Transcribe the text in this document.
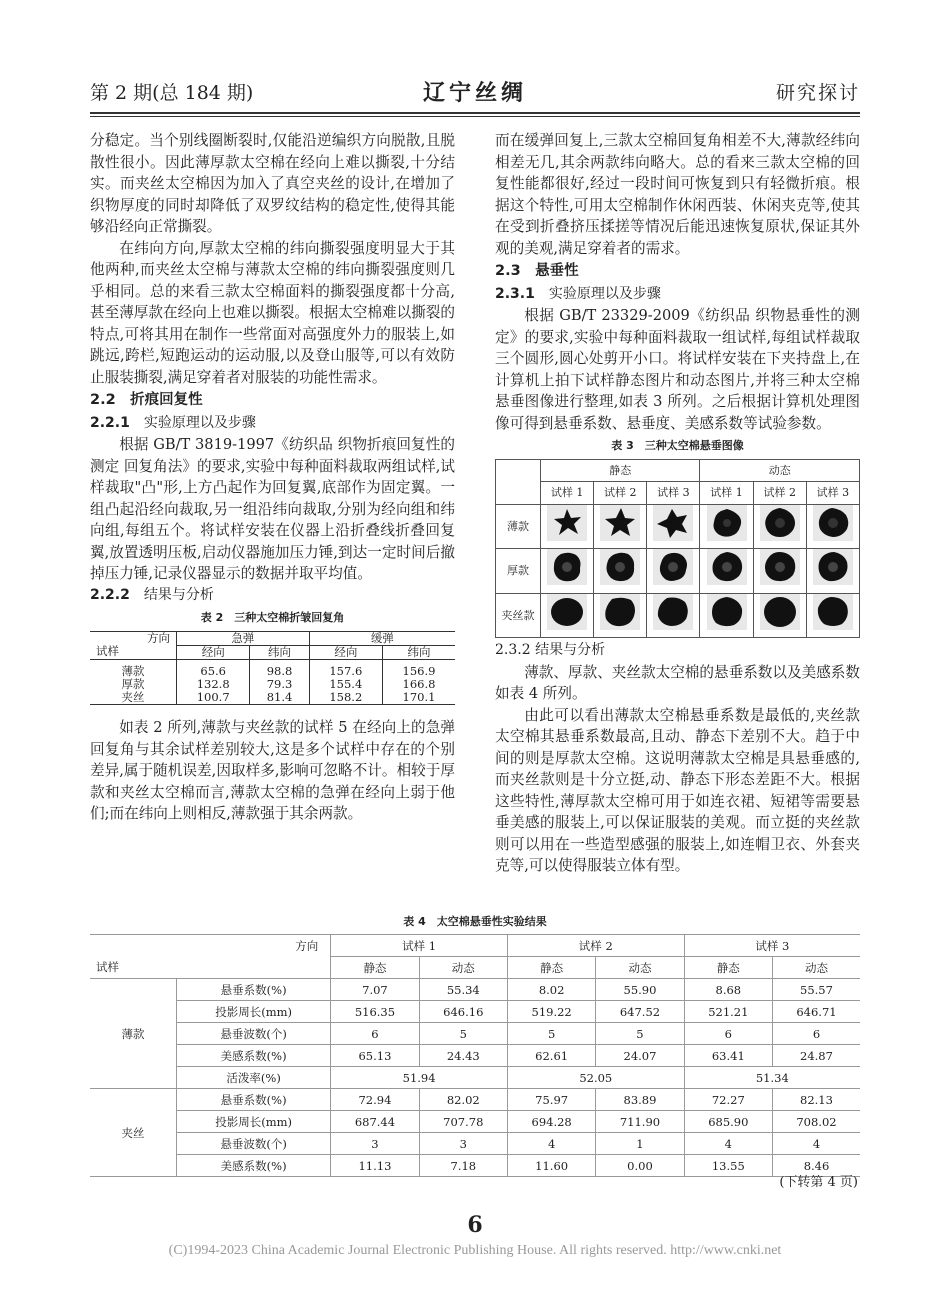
第 2 期(总 184 期)	辽宁丝绸	研究探讨

分稳定。当个别线圈断裂时,仅能沿逆编织方向脱散,且脱散性很小。因此薄厚款太空棉在经向上难以撕裂,十分结实。而夹丝太空棉因为加入了真空夹丝的设计,在增加了织物厚度的同时却降低了双罗纹结构的稳定性,使得其能够沿经向正常撕裂。

在纬向方向,厚款太空棉的纬向撕裂强度明显大于其他两种,而夹丝太空棉与薄款太空棉的纬向撕裂强度则几乎相同。总的来看三款太空棉面料的撕裂强度都十分高,甚至薄厚款在经向上也难以撕裂。根据太空棉难以撕裂的特点,可将其用在制作一些常面对高强度外力的服装上,如跳远,跨栏,短跑运动的运动服,以及登山服等,可以有效防止服装撕裂,满足穿着者对服装的功能性需求。

2.2　折痕回复性
2.2.1 实验原理以及步骤

根据 GB/T 3819-1997《纺织品 织物折痕回复性的测定 回复角法》的要求,实验中每种面料裁取两组试样,试样裁取"凸"形,上方凸起作为回复翼,底部作为固定翼。一组凸起沿经向裁取,另一组沿纬向裁取,分别为经向组和纬向组,每组五个。将试样安装在仪器上沿折叠线折叠回复翼,放置透明压板,启动仪器施加压力锤,到达一定时间后撤掉压力锤,记录仪器显示的数据并取平均值。

2.2.2 结果与分析
表 2　三种太空棉折皱回复角
方向	急弹		缓弹	
试样	经向	纬向	经向	纬向

薄款	65.6	98.8	157.6	156.9
厚款	132.8	79.3	155.4	166.8
夹丝	100.7	81.4	158.2	170.1

如表 2 所列,薄款与夹丝款的试样 5 在经向上的急弹回复角与其余试样差别较大,这是多个试样中存在的个别差异,属于随机误差,因取样多,影响可忽略不计。相较于厚款和夹丝太空棉而言,薄款太空棉的急弹在经向上弱于他们;而在纬向上则相反,薄款强于其余两款。

而在缓弹回复上,三款太空棉回复角相差不大,薄款经纬向相差无几,其余两款纬向略大。总的看来三款太空棉的回复性能都很好,经过一段时间可恢复到只有轻微折痕。根据这个特性,可用太空棉制作休闲西装、休闲夹克等,使其在受到折叠挤压揉搓等情况后能迅速恢复原状,保证其外观的美观,满足穿着者的需求。

2.3　悬垂性
2.3.1 实验原理以及步骤

根据 GB/T 23329-2009《纺织品 织物悬垂性的测定》的要求,实验中每种面料裁取一组试样,每组试样裁取三个圆形,圆心处剪开小口。将试样安装在下夹持盘上,在计算机上拍下试样静态图片和动态图片,并将三种太空棉悬垂图像进行整理,如表 3 所列。之后根据计算机处理图像可得到悬垂系数、悬垂度、美感系数等试验参数。

表 3　三种太空棉悬垂图像
	静态			动态		
	试样 1	试样 2	试样 3	试样 1	试样 2	试样 3
薄款						
厚款						
夹丝款						
2.3.2 结果与分析

薄款、厚款、夹丝款太空棉的悬垂系数以及美感系数如表 4 所列。

由此可以看出薄款太空棉悬垂系数是最低的,夹丝款太空棉其悬垂系数最高,且动、静态下差别不大。趋于中间的则是厚款太空棉。这说明薄款太空棉是具悬垂感的,而夹丝款则是十分立挺,动、静态下形态差距不大。根据这些特性,薄厚款太空棉可用于如连衣裙、短裙等需要悬垂美感的服装上,可以保证服装的美观。而立挺的夹丝款则可以用在一些造型感强的服装上,如连帽卫衣、外套夹克等,可以使得服装立体有型。

表 4　太空棉悬垂性实验结果
方向
试样		试样 1		试样 2		试样 3	
		静态	动态	静态	动态	静态	动态
薄款	悬垂系数(%)	7.07	55.34	8.02	55.90	8.68	55.57
	投影周长(mm)	516.35	646.16	519.22	647.52	521.21	646.71
	悬垂波数(个)	6	5	5	5	6	6
	美感系数(%)	65.13	24.43	62.61	24.07	63.41	24.87
	活泼率(%)	51.94		52.05		51.34	
夹丝	悬垂系数(%)	72.94	82.02	75.97	83.89	72.27	82.13
	投影周长(mm)	687.44	707.78	694.28	711.90	685.90	708.02
	悬垂波数(个)	3	3	4	1	4	4
	美感系数(%)	11.13	7.18	11.60	0.00	13.55	8.46
(下转第 4 页)
6
(C)1994-2023 China Academic Journal Electronic Publishing House. All rights reserved. http://www.cnki.net
